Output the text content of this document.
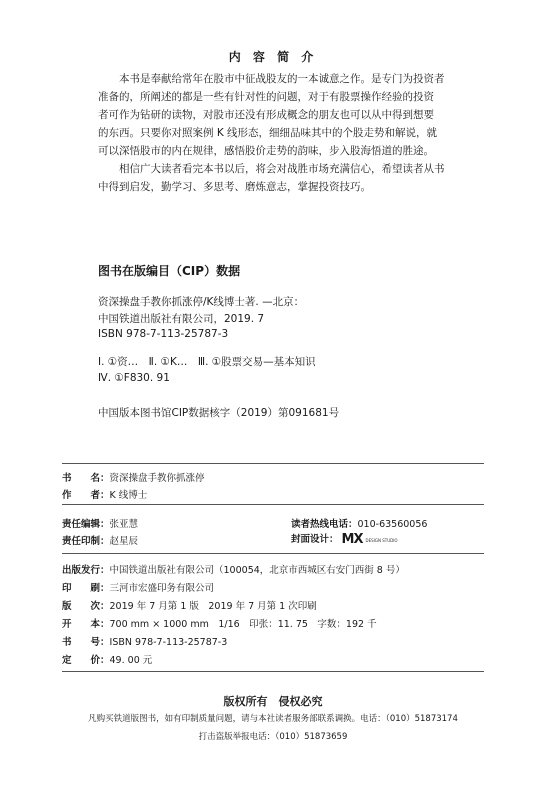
内 容 简 介
　　本书是奉献给常年在股市中征战股友的一本诚意之作。是专门为投资者
准备的，所阐述的都是一些有针对性的问题，对于有股票操作经验的投资
者可作为钻研的读物，对股市还没有形成概念的朋友也可以从中得到想要
的东西。只要你对照案例 K 线形态，细细品味其中的个股走势和解说，就
可以深悟股市的内在规律，感悟股价走势的韵味，步入股海悟道的胜途。
　　相信广大读者看完本书以后，将会对战胜市场充满信心，希望读者从书
中得到启发，勤学习、多思考、磨炼意志，掌握投资技巧。
图书在版编目（CIP）数据
资深操盘手教你抓涨停/K线博士著. —北京：
中国铁道出版社有限公司，2019. 7
ISBN 978-7-113-25787-3
Ⅰ. ①资…　Ⅱ. ①K…　Ⅲ. ①股票交易—基本知识
Ⅳ. ①F830. 91
中国版本图书馆CIP数据核字（2019）第091681号
书　　名：资深操盘手教你抓涨停
作　　者：K 线博士
责任编辑：张亚慧	读者热线电话：010-63560056
责任印制：赵星辰	封面设计： MX DESIGN STUDIO
出版发行：中国铁道出版社有限公司（100054，北京市西城区右安门西街 8 号）
印　　刷：三河市宏盛印务有限公司
版　　次：2019 年 7 月第 1 版　2019 年 7 月第 1 次印刷
开　　本：700 mm × 1000 mm　1/16　印张：11. 75　字数：192 千
书　　号：ISBN 978-7-113-25787-3
定　　价：49. 00 元
版权所有　侵权必究
凡购买铁道版图书，如有印制质量问题，请与本社读者服务部联系调换。电话：（010）51873174
打击盗版举报电话：（010）51873659
